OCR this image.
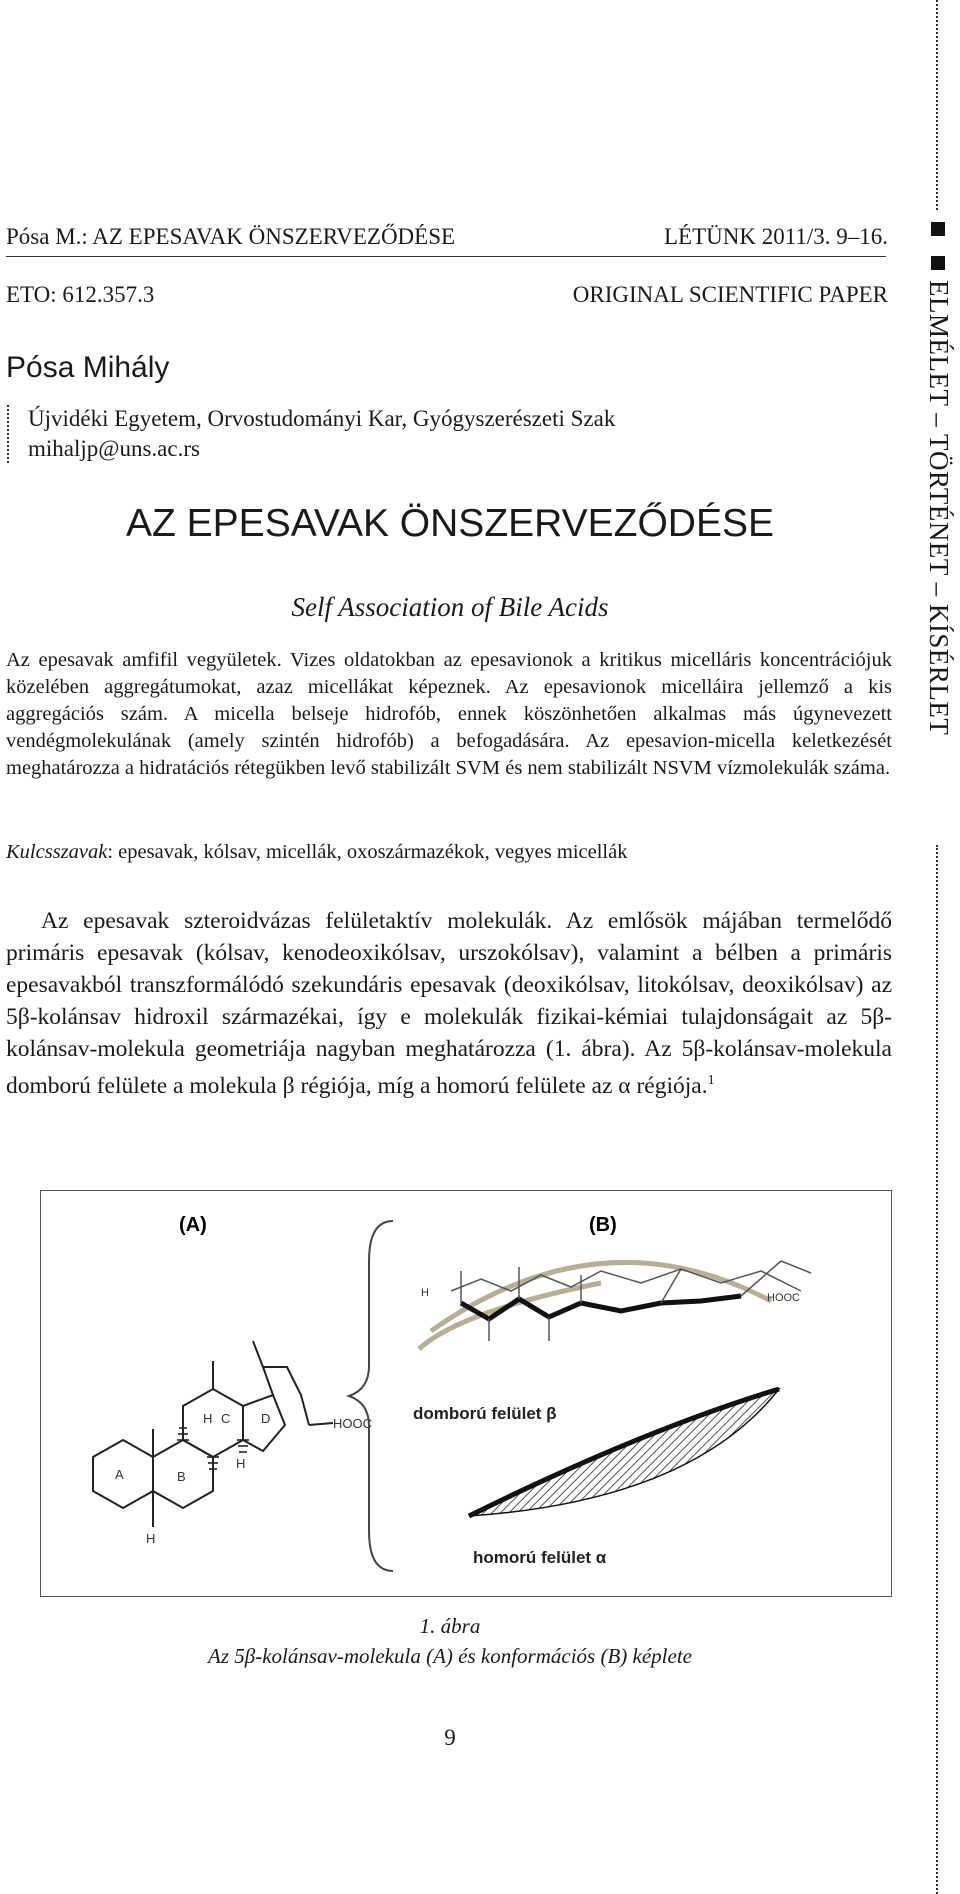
Pósa M.: AZ EPESAVAK ÖNSZERVEZŐDÉSE	LÉTÜNK 2011/3. 9–16.
ETO: 612.357.3	ORIGINAL SCIENTIFIC PAPER
Pósa Mihály
Újvidéki Egyetem, Orvostudományi Kar, Gyógyszerészeti Szak
mihaljp@uns.ac.rs
AZ EPESAVAK ÖNSZERVEZŐDÉSE
Self Association of Bile Acids
Az epesavak amfifil vegyületek. Vizes oldatokban az epesavionok a kritikus micelláris koncentrációjuk közelében aggregátumokat, azaz micellákat képeznek. Az epesavionok micelláira jellemző a kis aggregációs szám. A micella belseje hidrofób, ennek köszönhetően alkalmas más úgynevezett vendégmolekulának (amely szintén hidrofób) a befogadására. Az epesavion-micella keletkezését meghatározza a hidratációs rétegükben levő stabilizált SVM és nem stabilizált NSVM vízmolekulák száma.
Kulcsszavak: epesavak, kólsav, micellák, oxoszármazékok, vegyes micellák
Az epesavak szteroidvázas felületaktív molekulák. Az emlősök májában termelődő primáris epesavak (kólsav, kenodeoxikólsav, urszokólsav), valamint a bélben a primáris epesavakból transzformálódó szekundáris epesavak (deoxikólsav, litokólsav, deoxikólsav) az 5β-kolánsav hidroxil származékai, így e molekulák fizikai-kémiai tulajdonságait az 5β-kolánsav-molekula geometriája nagyban meghatározza (1. ábra). Az 5β-kolánsav-molekula domború felülete a molekula β régiója, míg a homorú felülete az α régiója.$^1$
(A)
A	B
C D
H
H
H
HOOC
(B)
H	HOOC
domború felület β
homorú felület α
1. ábra
Az 5β-kolánsav-molekula (A) és konformációs (B) képlete
9
ELMÉLET – TÖRTÉNET – KÍSÉRLET
